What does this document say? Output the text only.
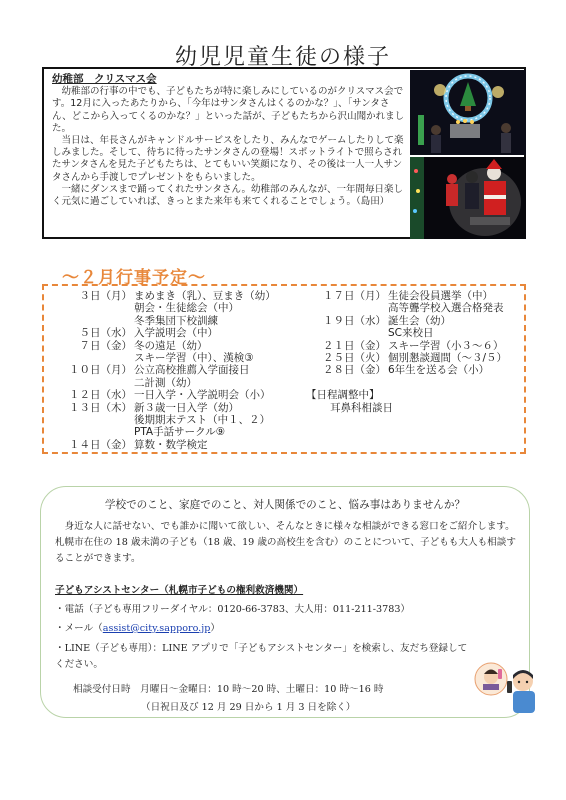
幼児児童生徒の様子
幼稚部　クリスマス会

幼稚部の行事の中でも、子どもたちが特に楽しみにしているのがクリスマス会です。12月に入ったあたりから、「今年はサンタさんはくるのかな？」、「サンタさん、どこから入ってくるのかな？」といった話が、子どもたちから沢山聞かれました。

当日は、年長さんがキャンドルサービスをしたり、みんなでゲームしたりして楽しみました。そして、待ちに待ったサンタさんの登場！スポットライトで照らされたサンタさんを見た子どもたちは、とてもいい笑顔になり、その後は一人一人サンタさんから手渡しでプレゼントをもらいました。

一緒にダンスまで踊ってくれたサンタさん。幼稚部のみんなが、一年間毎日楽しく元気に過ごしていれば、きっとまた来年も来てくれることでしょう。（島田）

～２月行事予定～
３日（月） まめまき（乳）、豆まき（幼）
朝会・生徒総会（中）
冬季集団下校訓練
５日（水） 入学説明会（中）
７日（金） 冬の遠足（幼）
スキー学習（中）、漢検③
１０日（月） 公立高校推薦入学面接日
二計測（幼）
１２日（水） 一日入学・入学説明会（小）
１３日（木） 新３歳一日入学（幼）
後期期末テスト（中１、２）
PTA手話サークル⑨
１４日（金） 算数・数学検定
１７日（月） 生徒会役員選挙（中）
高等聾学校入選合格発表
１９日（水） 誕生会（幼）
SC来校日
２１日（金） スキー学習（小３～６）
２５日（火） 個別懇談週間（～３/５）
２８日（金） 6年生を送る会（小）
【日程調整中】
耳鼻科相談日
学校でのこと、家庭でのこと、対人関係でのこと、悩み事はありませんか？
身近な人に話せない、でも誰かに聞いて欲しい、そんなときに様々な相談ができる窓口をご紹介します。札幌市在住の 18 歳未満の子ども（18 歳、19 歳の高校生を含む）のことについて、子どもも大人も相談することができます。
子どもアシストセンター（札幌市子どもの権利救済機関）
・電話（子ども専用フリーダイヤル：0120-66-3783、大人用：011-211-3783）
・メール（assist@city.sapporo.jp）
・LINE（子ども専用）：LINE アプリで「子どもアシストセンター」を検索し、友だち登録してください。
相談受付日時　月曜日～金曜日：10 時～20 時、土曜日：10 時～16 時
（日祝日及び 12 月 29 日から 1 月 3 日を除く）
